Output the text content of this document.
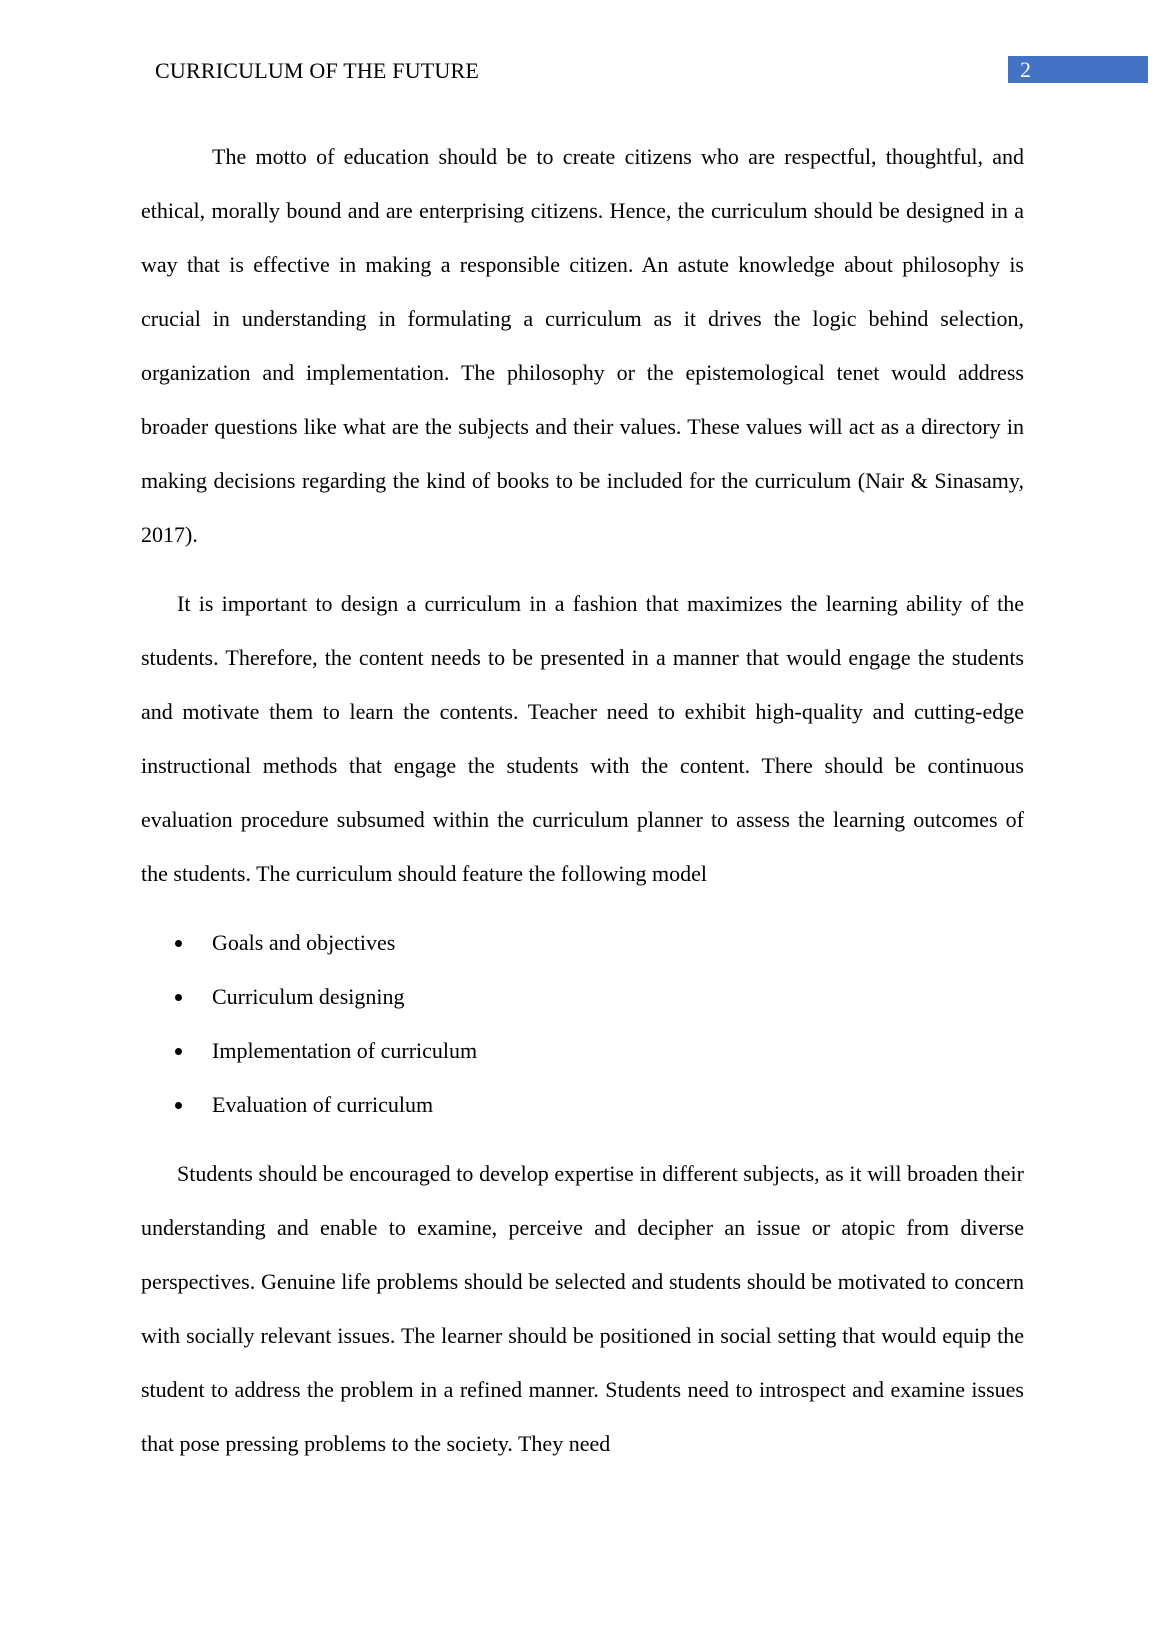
CURRICULUM OF THE FUTURE	2

The motto of education should be to create citizens who are respectful, thoughtful, and ethical, morally bound and are enterprising citizens. Hence, the curriculum should be designed in a way that is effective in making a responsible citizen. An astute knowledge about philosophy is crucial in understanding in formulating a curriculum as it drives the logic behind selection, organization and implementation. The philosophy or the epistemological tenet would address broader questions like what are the subjects and their values. These values will act as a directory in making decisions regarding the kind of books to be included for the curriculum (Nair & Sinasamy, 2017).

It is important to design a curriculum in a fashion that maximizes the learning ability of the students. Therefore, the content needs to be presented in a manner that would engage the students and motivate them to learn the contents. Teacher need to exhibit high-quality and cutting-edge instructional methods that engage the students with the content. There should be continuous evaluation procedure subsumed within the curriculum planner to assess the learning outcomes of the students. The curriculum should feature the following model

Goals and objectives
Curriculum designing
Implementation of curriculum
Evaluation of curriculum

Students should be encouraged to develop expertise in different subjects, as it will broaden their understanding and enable to examine, perceive and decipher an issue or atopic from diverse perspectives. Genuine life problems should be selected and students should be motivated to concern with socially relevant issues. The learner should be positioned in social setting that would equip the student to address the problem in a refined manner. Students need to introspect and examine issues that pose pressing problems to the society. They need
